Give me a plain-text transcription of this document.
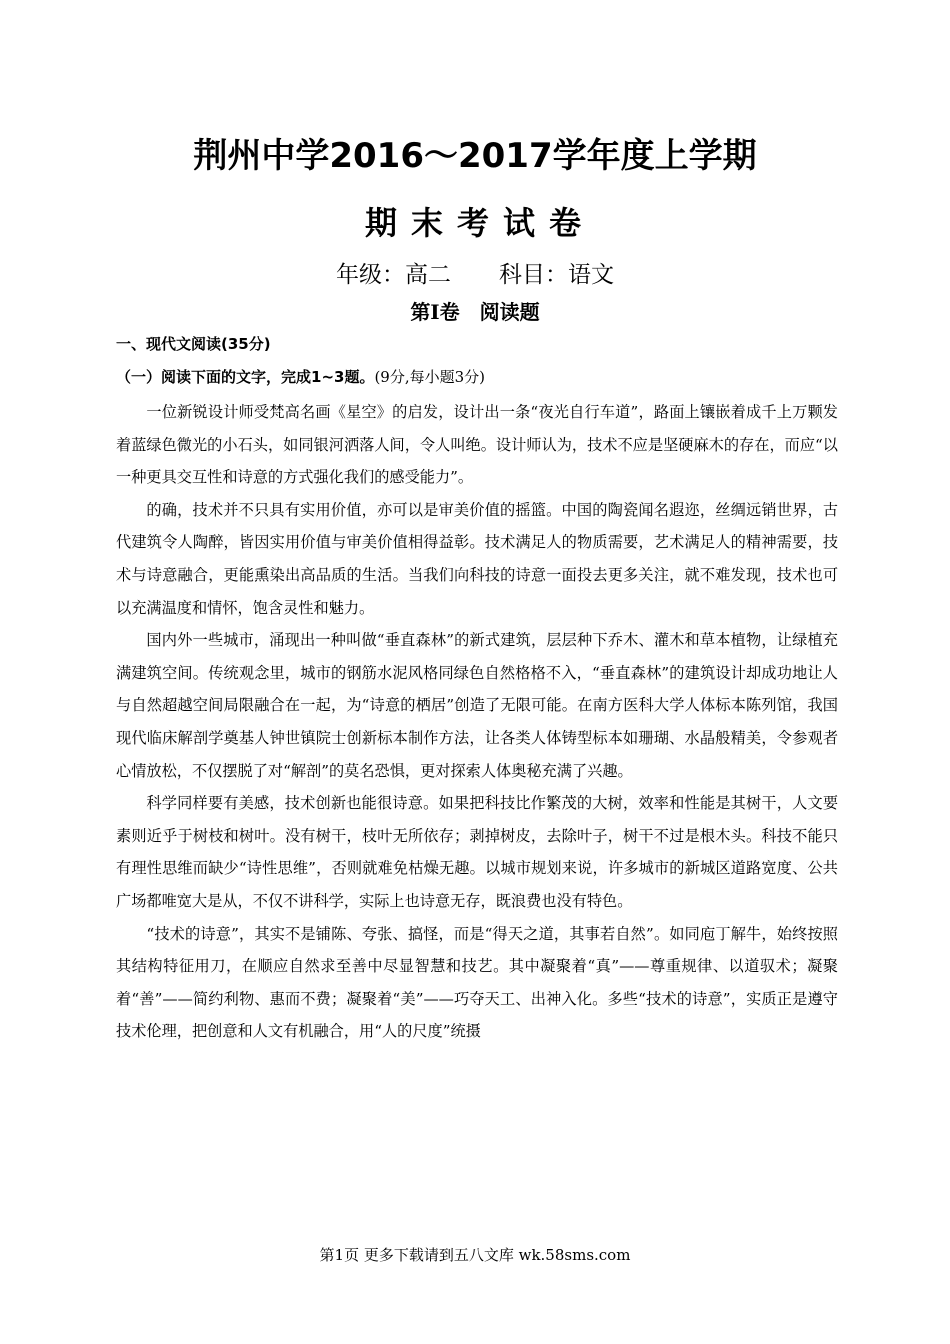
荆州中学2016～2017学年度上学期
期末考试卷
年级：高二 科目：语文
第Ⅰ卷 阅读题
一、现代文阅读(35分)
（一）阅读下面的文字，完成1~3题。(9分,每小题3分)

一位新锐设计师受梵高名画《星空》的启发，设计出一条“夜光自行车道”，路面上镶嵌着成千上万颗发着蓝绿色微光的小石头，如同银河洒落人间，令人叫绝。设计师认为，技术不应是坚硬麻木的存在，而应“以一种更具交互性和诗意的方式强化我们的感受能力”。

的确，技术并不只具有实用价值，亦可以是审美价值的摇篮。中国的陶瓷闻名遐迩，丝绸远销世界，古代建筑令人陶醉，皆因实用价值与审美价值相得益彰。技术满足人的物质需要，艺术满足人的精神需要，技术与诗意融合，更能熏染出高品质的生活。当我们向科技的诗意一面投去更多关注，就不难发现，技术也可以充满温度和情怀，饱含灵性和魅力。

国内外一些城市，涌现出一种叫做“垂直森林”的新式建筑，层层种下乔木、灌木和草本植物，让绿植充满建筑空间。传统观念里，城市的钢筋水泥风格同绿色自然格格不入，“垂直森林”的建筑设计却成功地让人与自然超越空间局限融合在一起，为“诗意的栖居”创造了无限可能。在南方医科大学人体标本陈列馆，我国现代临床解剖学奠基人钟世镇院士创新标本制作方法，让各类人体铸型标本如珊瑚、水晶般精美，令参观者心情放松，不仅摆脱了对“解剖”的莫名恐惧，更对探索人体奥秘充满了兴趣。

科学同样要有美感，技术创新也能很诗意。如果把科技比作繁茂的大树，效率和性能是其树干，人文要素则近乎于树枝和树叶。没有树干，枝叶无所依存；剥掉树皮，去除叶子，树干不过是根木头。科技不能只有理性思维而缺少“诗性思维”，否则就难免枯燥无趣。以城市规划来说，许多城市的新城区道路宽度、公共广场都唯宽大是从，不仅不讲科学，实际上也诗意无存，既浪费也没有特色。

“技术的诗意”，其实不是铺陈、夸张、搞怪，而是“得天之道，其事若自然”。如同庖丁解牛，始终按照其结构特征用刀，在顺应自然求至善中尽显智慧和技艺。其中凝聚着“真”——尊重规律、以道驭术；凝聚着“善”——简约利物、惠而不费；凝聚着“美”——巧夺天工、出神入化。多些“技术的诗意”，实质正是遵守技术伦理，把创意和人文有机融合，用“人的尺度”统摄

第1页 更多下载请到五八文库 wk.58sms.com
